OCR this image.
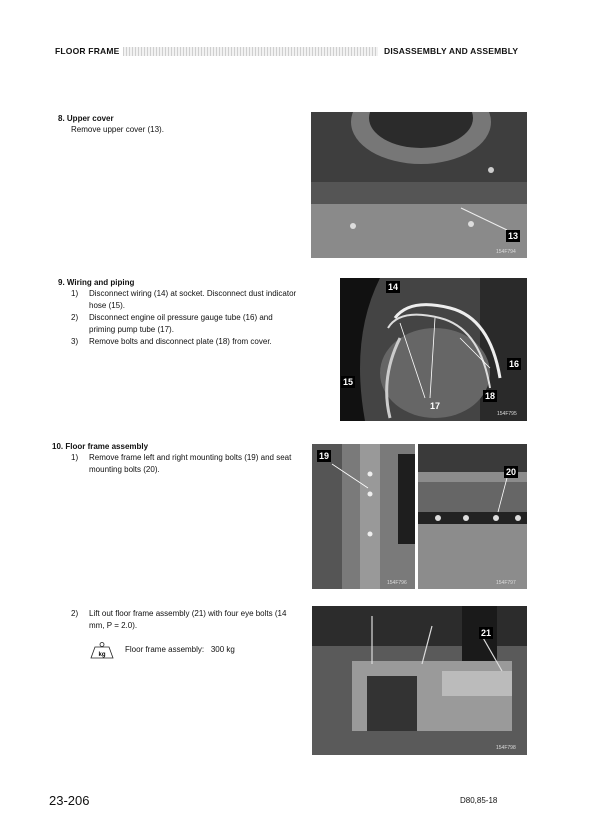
FLOOR FRAME	DISASSEMBLY AND ASSEMBLY
8. Upper cover
Remove upper cover (13).
13
154F794
9. Wiring and piping
1)	Disconnect wiring (14) at socket. Disconnect dust indicator hose (15).
2)	Disconnect engine oil pressure gauge tube (16) and priming pump tube (17).
3)	Remove bolts and disconnect plate (18) from cover.
14
15
16
17
18
154F795
10. Floor frame assembly
1)	Remove frame left and right mounting bolts (19) and seat mounting bolts (20).
19
154F796
20
154F797
2)	Lift out floor frame assembly (21) with four eye bolts (14 mm, P = 2.0).
kg
Floor frame assembly: 300 kg
21
154F798
23-206	D80,85-18
